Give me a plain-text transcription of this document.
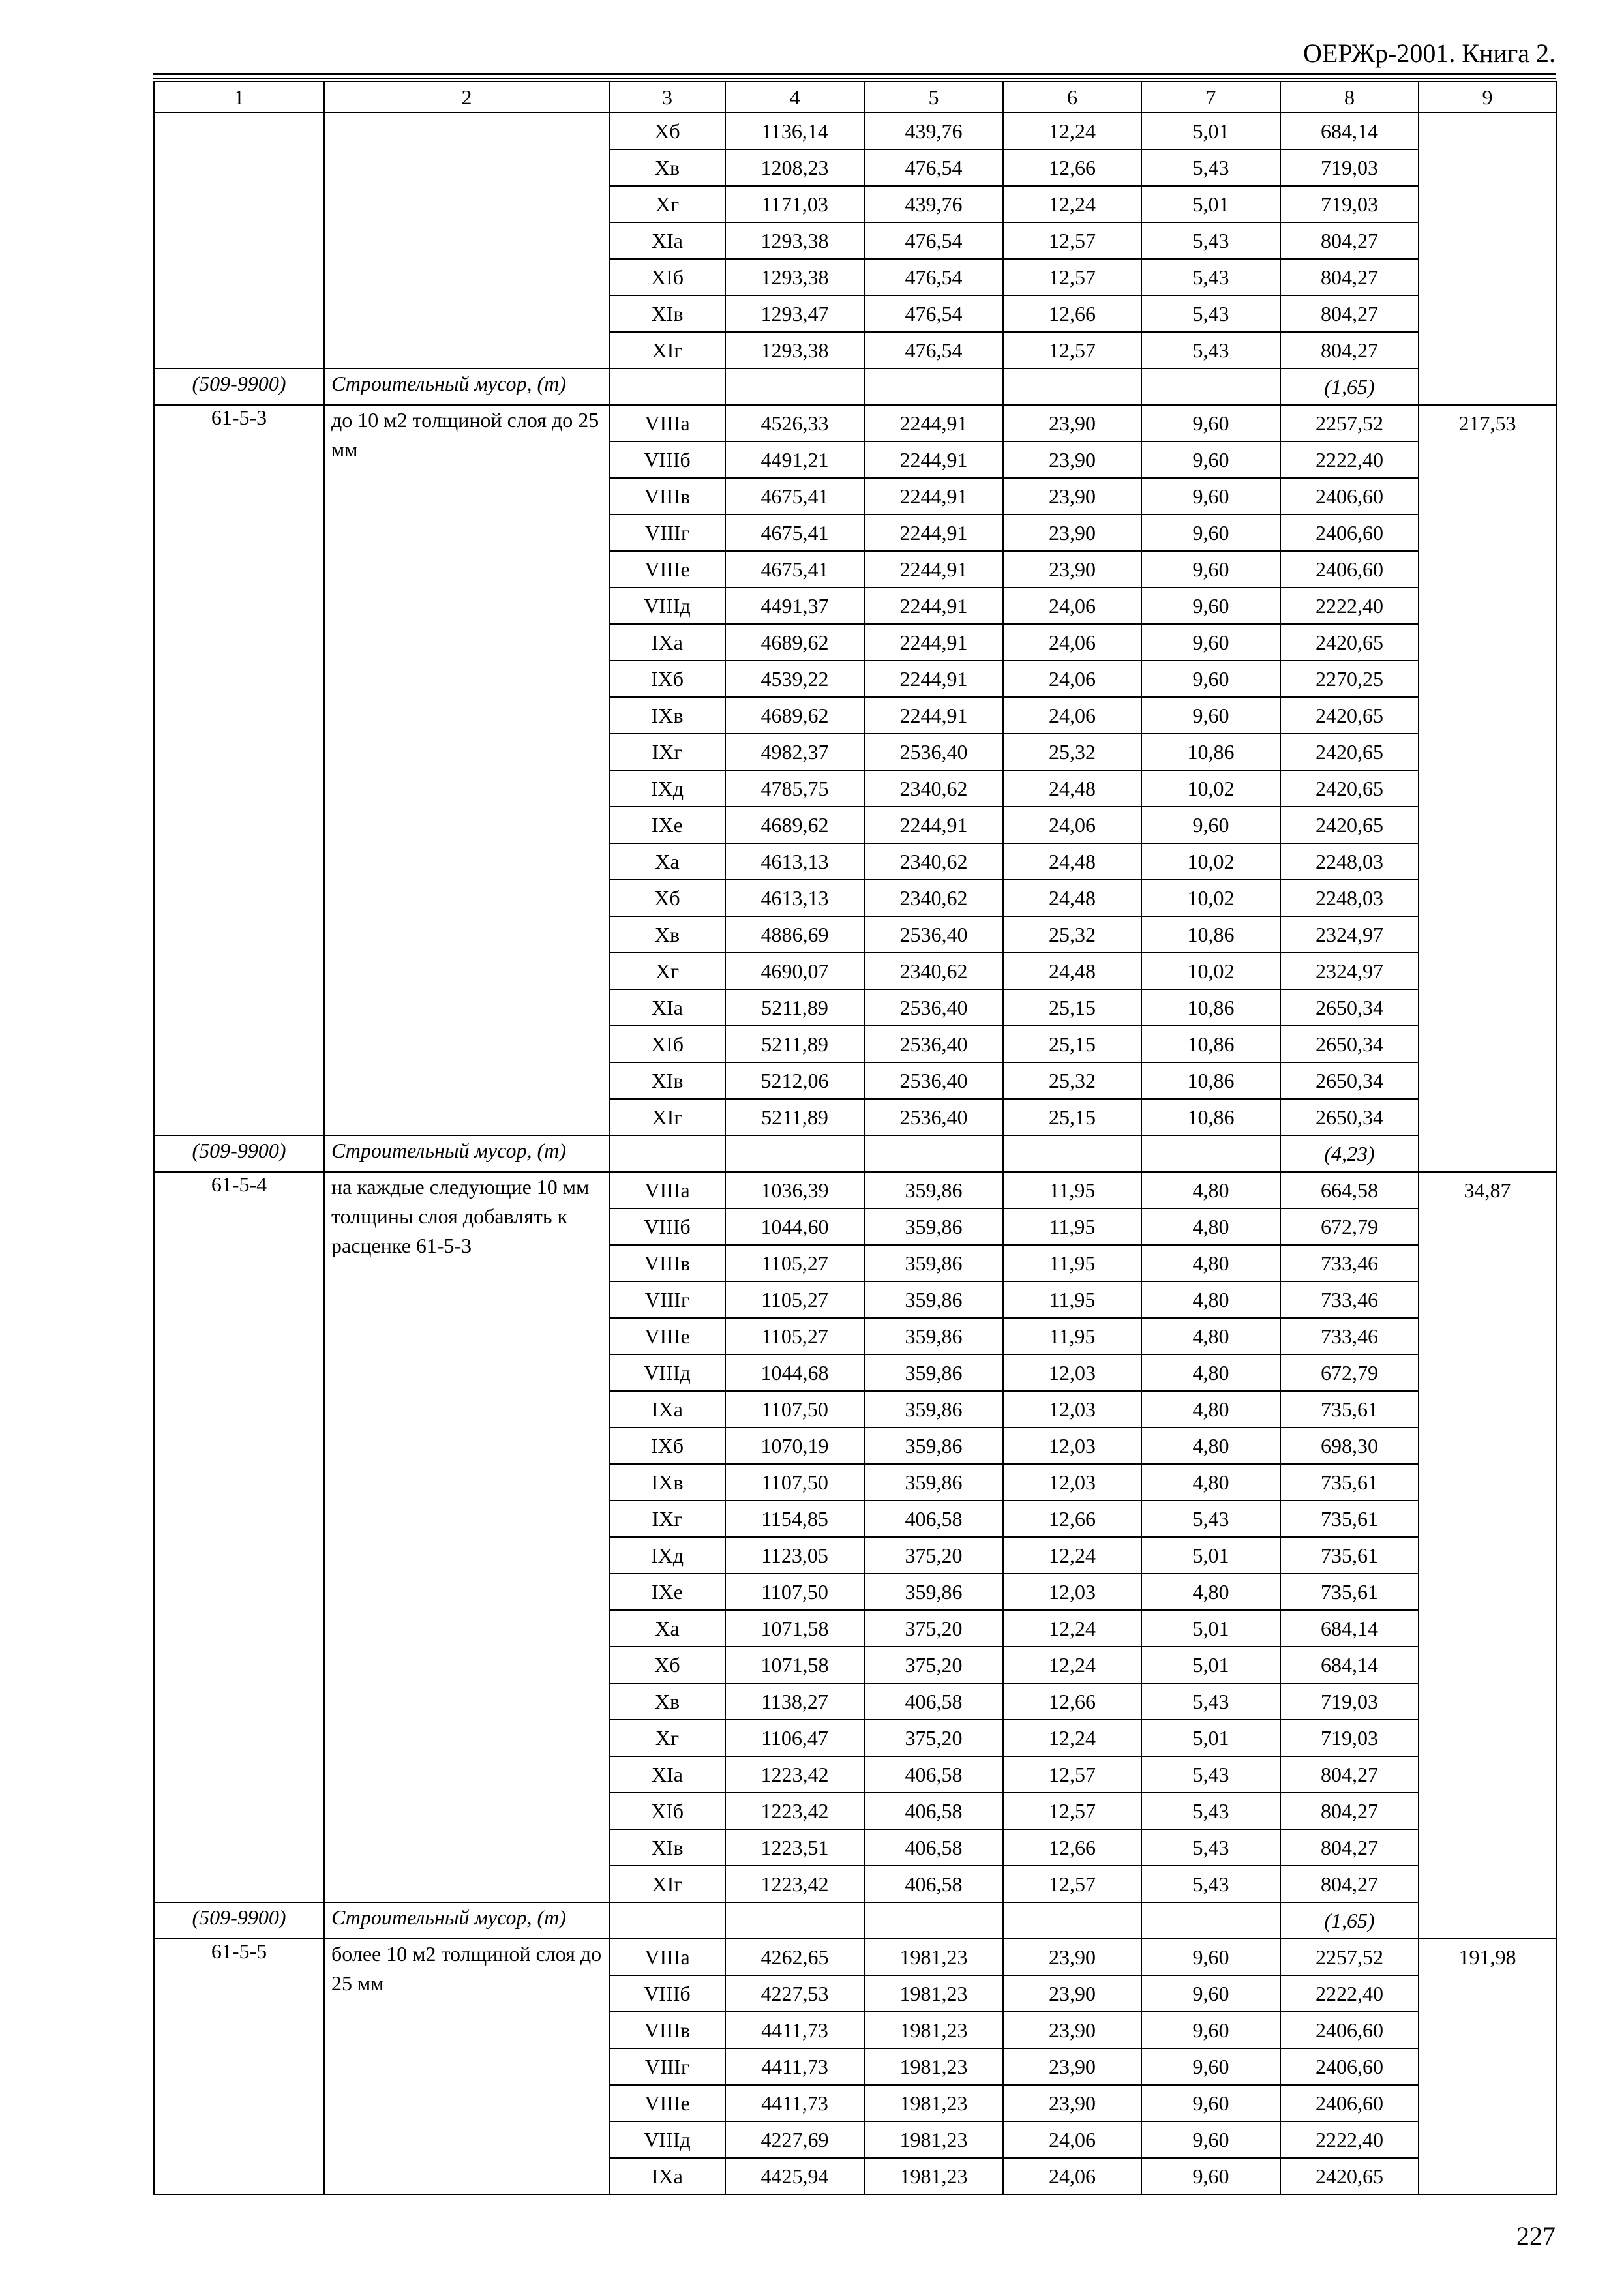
ОЕРЖр-2001. Книга 2.
1	2	3	4	5	6	7	8	9
		Xб	1136,14	439,76	12,24	5,01	684,14	
		Xв	1208,23	476,54	12,66	5,43	719,03	
		Xг	1171,03	439,76	12,24	5,01	719,03	
		XIа	1293,38	476,54	12,57	5,43	804,27	
		XIб	1293,38	476,54	12,57	5,43	804,27	
		XIв	1293,47	476,54	12,66	5,43	804,27	
		XIг	1293,38	476,54	12,57	5,43	804,27	
(509-9900)	Строительный мусор, (т)						(1,65)	
61-5-3	до 10 м2 толщиной слоя до 25 мм	VIIIа	4526,33	2244,91	23,90	9,60	2257,52	217,53
		VIIIб	4491,21	2244,91	23,90	9,60	2222,40	
		VIIIв	4675,41	2244,91	23,90	9,60	2406,60	
		VIIIг	4675,41	2244,91	23,90	9,60	2406,60	
		VIIIе	4675,41	2244,91	23,90	9,60	2406,60	
		VIIIд	4491,37	2244,91	24,06	9,60	2222,40	
		IXа	4689,62	2244,91	24,06	9,60	2420,65	
		IXб	4539,22	2244,91	24,06	9,60	2270,25	
		IXв	4689,62	2244,91	24,06	9,60	2420,65	
		IXг	4982,37	2536,40	25,32	10,86	2420,65	
		IXд	4785,75	2340,62	24,48	10,02	2420,65	
		IXе	4689,62	2244,91	24,06	9,60	2420,65	
		Xа	4613,13	2340,62	24,48	10,02	2248,03	
		Xб	4613,13	2340,62	24,48	10,02	2248,03	
		Xв	4886,69	2536,40	25,32	10,86	2324,97	
		Xг	4690,07	2340,62	24,48	10,02	2324,97	
		XIа	5211,89	2536,40	25,15	10,86	2650,34	
		XIб	5211,89	2536,40	25,15	10,86	2650,34	
		XIв	5212,06	2536,40	25,32	10,86	2650,34	
		XIг	5211,89	2536,40	25,15	10,86	2650,34	
(509-9900)	Строительный мусор, (т)						(4,23)	
61-5-4	на каждые следующие 10 мм толщины слоя добавлять к расценке 61-5-3	VIIIа	1036,39	359,86	11,95	4,80	664,58	34,87
		VIIIб	1044,60	359,86	11,95	4,80	672,79	
		VIIIв	1105,27	359,86	11,95	4,80	733,46	
		VIIIг	1105,27	359,86	11,95	4,80	733,46	
		VIIIе	1105,27	359,86	11,95	4,80	733,46	
		VIIIд	1044,68	359,86	12,03	4,80	672,79	
		IXа	1107,50	359,86	12,03	4,80	735,61	
		IXб	1070,19	359,86	12,03	4,80	698,30	
		IXв	1107,50	359,86	12,03	4,80	735,61	
		IXг	1154,85	406,58	12,66	5,43	735,61	
		IXд	1123,05	375,20	12,24	5,01	735,61	
		IXе	1107,50	359,86	12,03	4,80	735,61	
		Xа	1071,58	375,20	12,24	5,01	684,14	
		Xб	1071,58	375,20	12,24	5,01	684,14	
		Xв	1138,27	406,58	12,66	5,43	719,03	
		Xг	1106,47	375,20	12,24	5,01	719,03	
		XIа	1223,42	406,58	12,57	5,43	804,27	
		XIб	1223,42	406,58	12,57	5,43	804,27	
		XIв	1223,51	406,58	12,66	5,43	804,27	
		XIг	1223,42	406,58	12,57	5,43	804,27	
(509-9900)	Строительный мусор, (т)						(1,65)	
61-5-5	более 10 м2 толщиной слоя до 25 мм	VIIIа	4262,65	1981,23	23,90	9,60	2257,52	191,98
		VIIIб	4227,53	1981,23	23,90	9,60	2222,40	
		VIIIв	4411,73	1981,23	23,90	9,60	2406,60	
		VIIIг	4411,73	1981,23	23,90	9,60	2406,60	
		VIIIе	4411,73	1981,23	23,90	9,60	2406,60	
		VIIIд	4227,69	1981,23	24,06	9,60	2222,40	
		IXа	4425,94	1981,23	24,06	9,60	2420,65	
227
